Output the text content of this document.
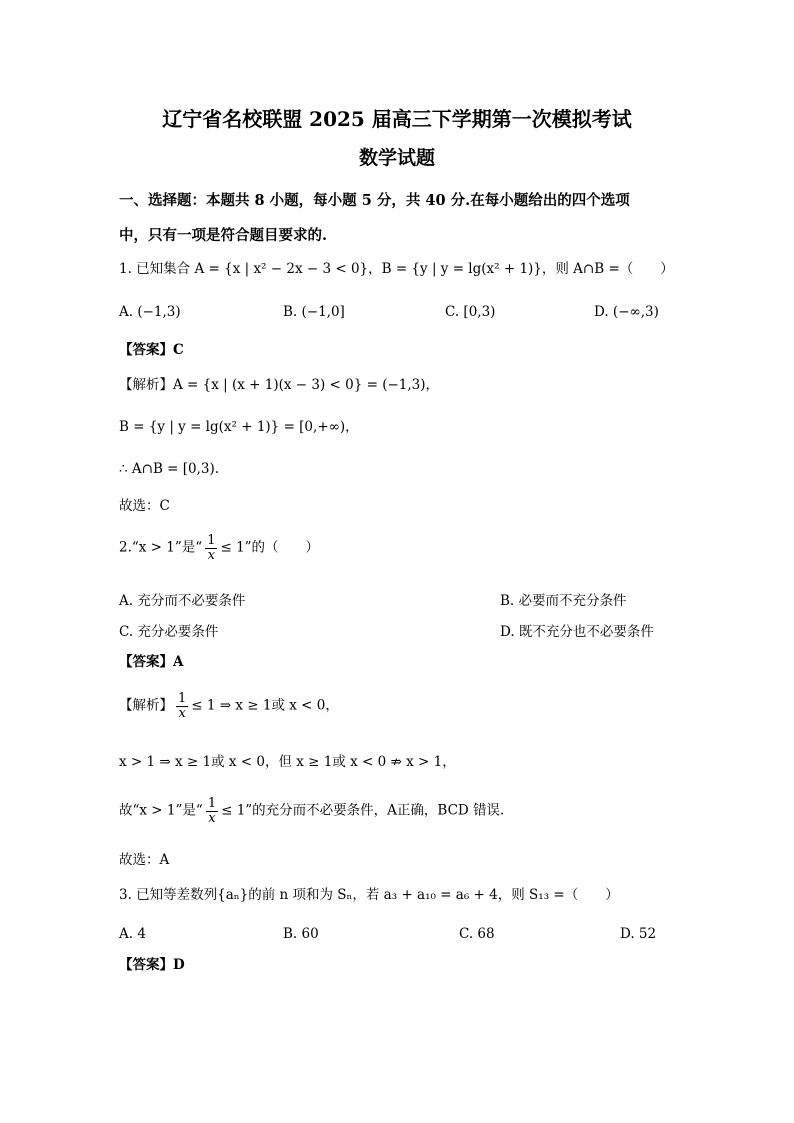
辽宁省名校联盟 2025 届高三下学期第一次模拟考试
数学试题
一、选择题：本题共 8 小题，每小题 5 分，共 40 分.在每小题给出的四个选项
中，只有一项是符合题目要求的.
1. 已知集合 A = {x | x² − 2x − 3 < 0}，B = {y | y = lg(x² + 1)}，则 A∩B =（　　）
A. (−1,3)	B. (−1,0]	C. [0,3)	D. (−∞,3)
【答案】C
【解析】A = {x | (x + 1)(x − 3) < 0} = (−1,3)，
B = {y | y = lg(x² + 1)} = [0,+∞)，
∴ A∩B = [0,3).
故选：C
2.“x > 1”是“ $\frac{1}{x} \le 1$”的（　　）
A. 充分而不必要条件	B. 必要而不充分条件
C. 充分必要条件	D. 既不充分也不必要条件
【答案】A
【解析】 $\frac{1}{x} \le 1$ ⇒ x ≥ 1或 x < 0，
x > 1 ⇒ x ≥ 1或 x < 0，但 x ≥ 1或 x < 0 ⇏ x > 1，
故“x > 1”是“ $\frac{1}{x} \le 1$”的充分而不必要条件，A正确，BCD 错误.
故选：A
3. 已知等差数列{aₙ}的前 n 项和为 Sₙ，若 a₃ + a₁₀ = a₆ + 4，则 S₁₃ =（　　）
A. 4	B. 60	C. 68	D. 52
【答案】D
